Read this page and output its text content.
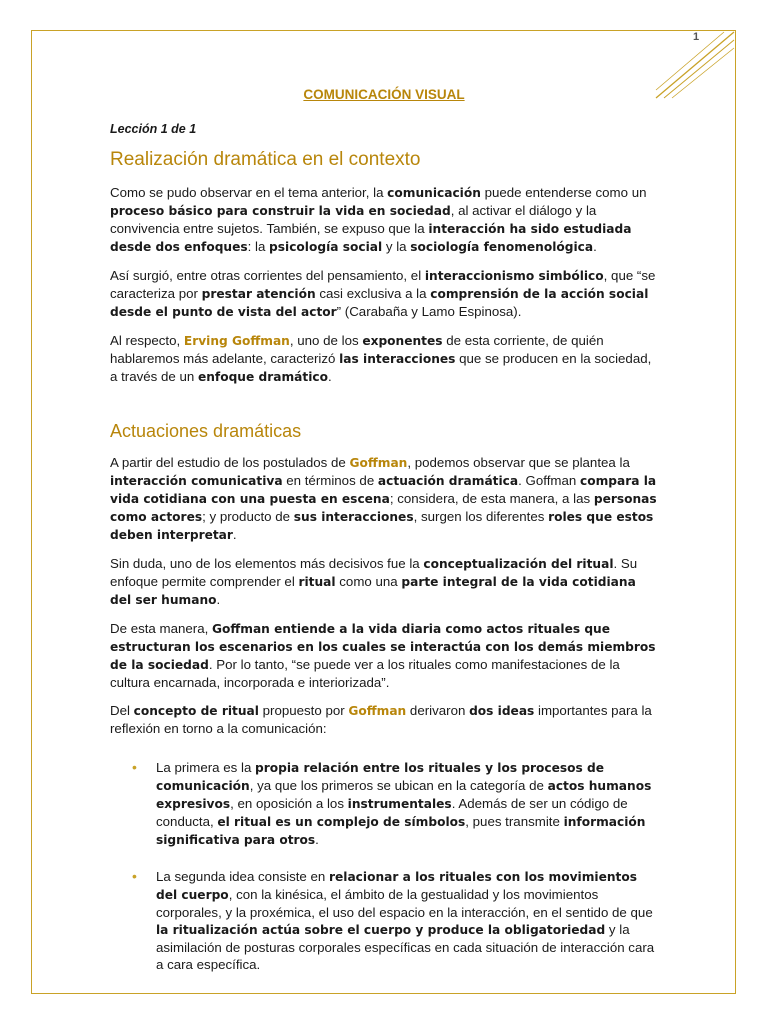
1

COMUNICACIÓN VISUAL

Lección 1 de 1

Realización dramática en el contexto

Como se pudo observar en el tema anterior, la comunicación puede entenderse como un proceso básico para construir la vida en sociedad, al activar el diálogo y la convivencia entre sujetos. También, se expuso que la interacción ha sido estudiada desde dos enfoques: la psicología social y la sociología fenomenológica.

Así surgió, entre otras corrientes del pensamiento, el interaccionismo simbólico, que “se caracteriza por prestar atención casi exclusiva a la comprensión de la acción social desde el punto de vista del actor” (Carabaña y Lamo Espinosa).

Al respecto, Erving Goffman, uno de los exponentes de esta corriente, de quién hablaremos más adelante, caracterizó las interacciones que se producen en la sociedad, a través de un enfoque dramático.

Actuaciones dramáticas

A partir del estudio de los postulados de Goffman, podemos observar que se plantea la interacción comunicativa en términos de actuación dramática. Goffman compara la vida cotidiana con una puesta en escena; considera, de esta manera, a las personas como actores; y producto de sus interacciones, surgen los diferentes roles que estos deben interpretar.

Sin duda, uno de los elementos más decisivos fue la conceptualización del ritual. Su enfoque permite comprender el ritual como una parte integral de la vida cotidiana del ser humano.

De esta manera, Goffman entiende a la vida diaria como actos rituales que estructuran los escenarios en los cuales se interactúa con los demás miembros de la sociedad. Por lo tanto, “se puede ver a los rituales como manifestaciones de la cultura encarnada, incorporada e interiorizada”.

Del concepto de ritual propuesto por Goffman derivaron dos ideas importantes para la reflexión en torno a la comunicación:

• La primera es la propia relación entre los rituales y los procesos de comunicación, ya que los primeros se ubican en la categoría de actos humanos expresivos, en oposición a los instrumentales. Además de ser un código de conducta, el ritual es un complejo de símbolos, pues transmite información significativa para otros.
• La segunda idea consiste en relacionar a los rituales con los movimientos del cuerpo, con la kinésica, el ámbito de la gestualidad y los movimientos corporales, y la proxémica, el uso del espacio en la interacción, en el sentido de que la ritualización actúa sobre el cuerpo y produce la obligatoriedad y la asimilación de posturas corporales específicas en cada situación de interacción cara a cara específica.
